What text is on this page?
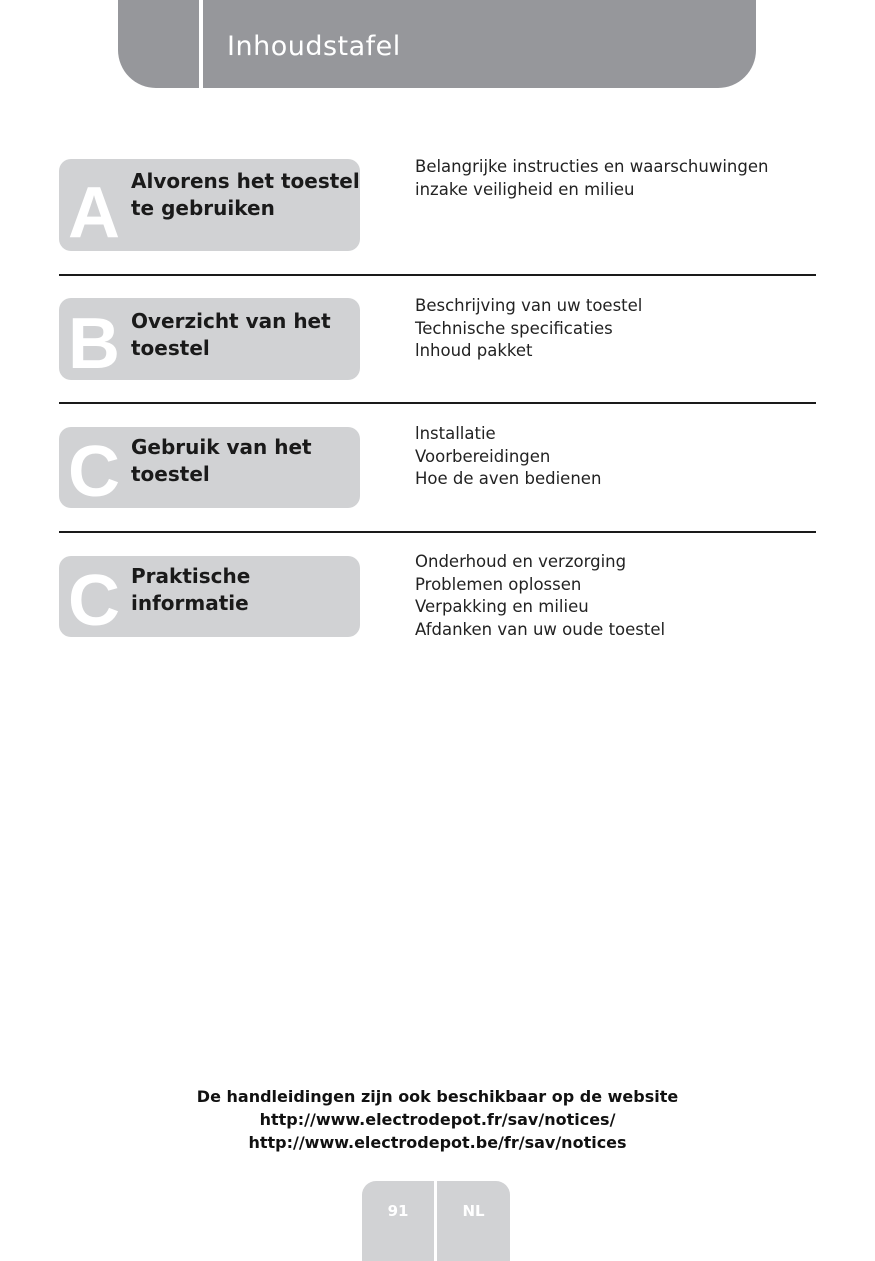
Inhoudstafel
A Alvorens het toestel
te gebruiken
Belangrijke instructies en waarschuwingen
inzake veiligheid en milieu
B Overzicht van het
toestel
Beschrijving van uw toestel
Technische specificaties
lnhoud pakket
C Gebruik van het
toestel
lnstallatie
Voorbereidingen
Hoe de aven bedienen
C Praktische
informatie
Onderhoud en verzorging
Problemen oplossen
Verpakking en milieu
Afdanken van uw oude toestel
De handleidingen zijn ook beschikbaar op de website
http://www.electrodepot.fr/sav/notices/
http://www.electrodepot.be/fr/sav/notices
91	NL
